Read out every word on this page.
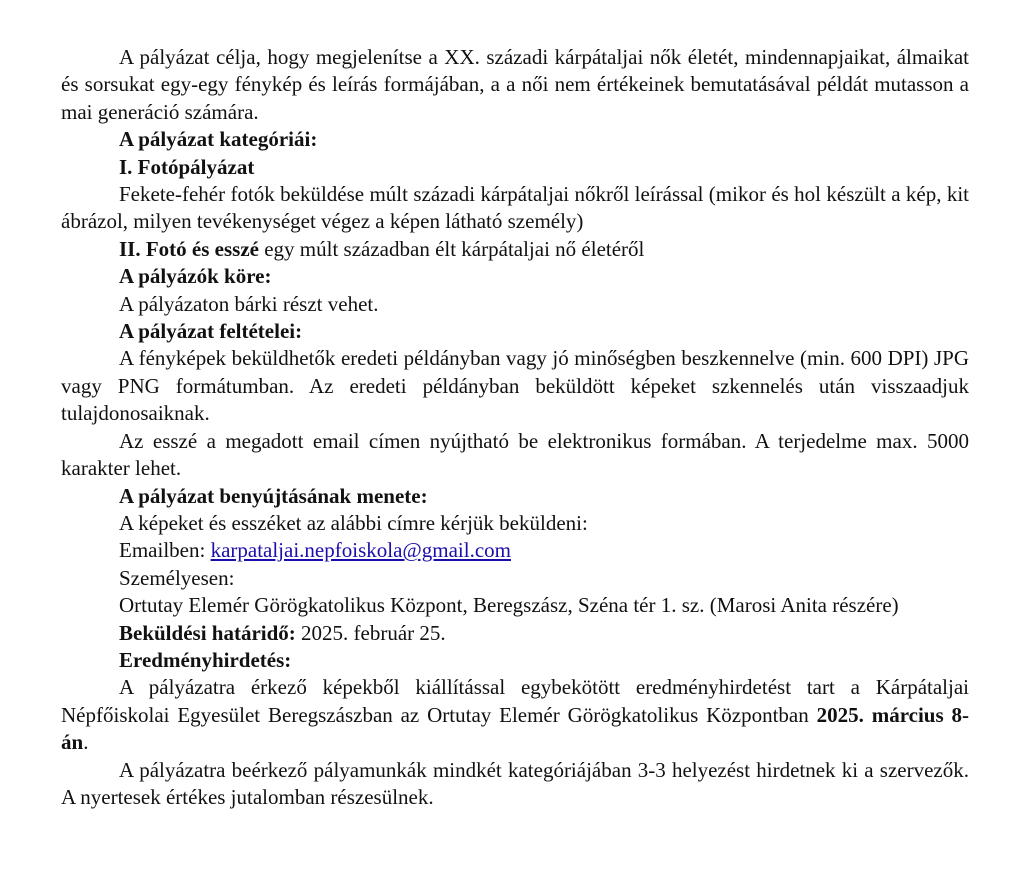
A pályázat célja, hogy megjelenítse a XX. századi kárpátaljai nők életét, mindennapjaikat, álmaikat és sorsukat egy-egy fénykép és leírás formájában, a a női nem értékeinek bemutatásával példát mutasson a mai generáció számára.

A pályázat kategóriái:

I. Fotópályázat

Fekete-fehér fotók beküldése múlt századi kárpátaljai nőkről leírással (mikor és hol készült a kép, kit ábrázol, milyen tevékenységet végez a képen látható személy)

II. Fotó és esszé egy múlt században élt kárpátaljai nő életéről

A pályázók köre:

A pályázaton bárki részt vehet.

A pályázat feltételei:

A fényképek beküldhetők eredeti példányban vagy jó minőségben beszkennelve (min. 600 DPI) JPG vagy PNG formátumban. Az eredeti példányban beküldött képeket szkennelés után visszaadjuk tulajdonosaiknak.

Az esszé a megadott email címen nyújtható be elektronikus formában. A terjedelme max. 5000 karakter lehet.

A pályázat benyújtásának menete:

A képeket és esszéket az alábbi címre kérjük beküldeni:

Emailben: karpataljai.nepfoiskola@gmail.com

Személyesen:

Ortutay Elemér Görögkatolikus Központ, Beregszász, Széna tér 1. sz. (Marosi Anita részére)

Beküldési határidő: 2025. február 25.

Eredményhirdetés:

A pályázatra érkező képekből kiállítással egybekötött eredményhirdetést tart a Kárpátaljai Népfőiskolai Egyesület Beregszászban az Ortutay Elemér Görögkatolikus Központban 2025. március 8-án.

A pályázatra beérkező pályamunkák mindkét kategóriájában 3-3 helyezést hirdetnek ki a szervezők. A nyertesek értékes jutalomban részesülnek.
